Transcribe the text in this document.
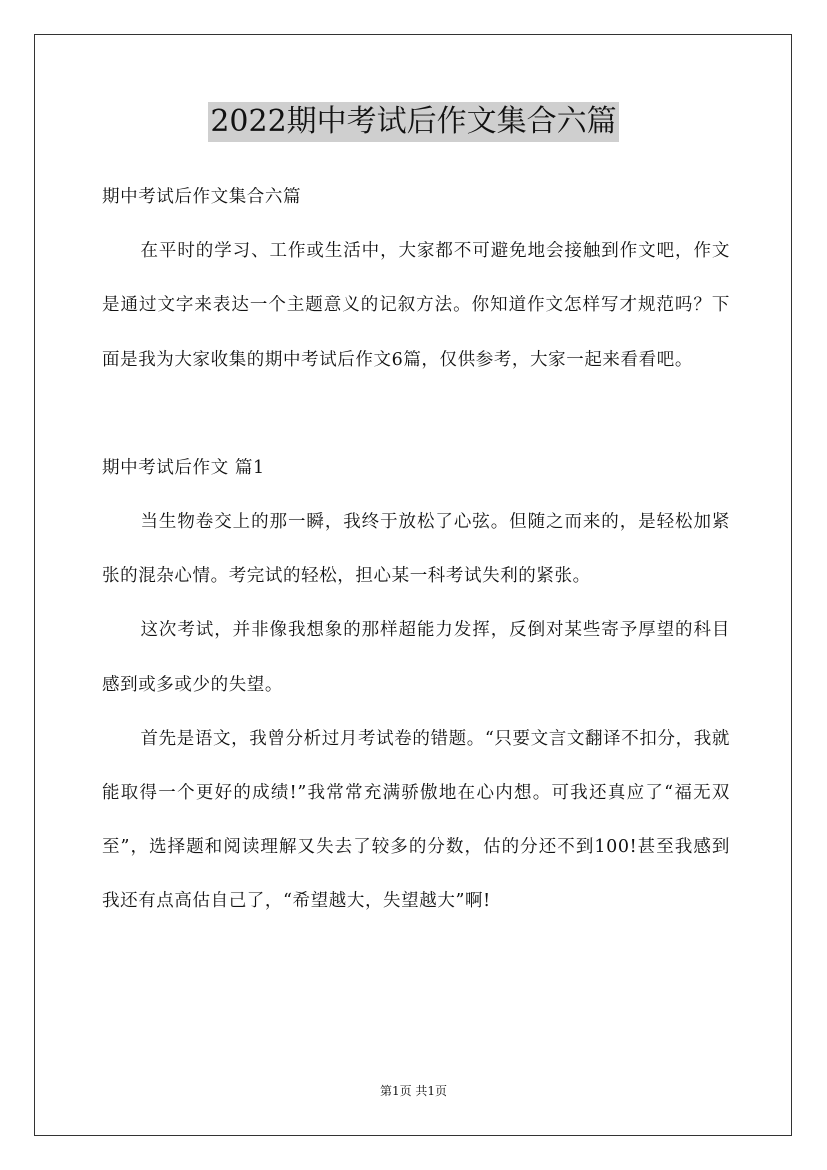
2022期中考试后作文集合六篇

期中考试后作文集合六篇

在平时的学习、工作或生活中，大家都不可避免地会接触到作文吧，作文是通过文字来表达一个主题意义的记叙方法。你知道作文怎样写才规范吗？下面是我为大家收集的期中考试后作文6篇，仅供参考，大家一起来看看吧。

期中考试后作文 篇1

当生物卷交上的那一瞬，我终于放松了心弦。但随之而来的，是轻松加紧张的混杂心情。考完试的轻松，担心某一科考试失利的紧张。

这次考试，并非像我想象的那样超能力发挥，反倒对某些寄予厚望的科目感到或多或少的失望。

首先是语文，我曾分析过月考试卷的错题。“只要文言文翻译不扣分，我就能取得一个更好的成绩!”我常常充满骄傲地在心内想。可我还真应了“福无双至”，选择题和阅读理解又失去了较多的分数，估的分还不到100!甚至我感到我还有点高估自己了，“希望越大，失望越大”啊!

第1页 共1页
